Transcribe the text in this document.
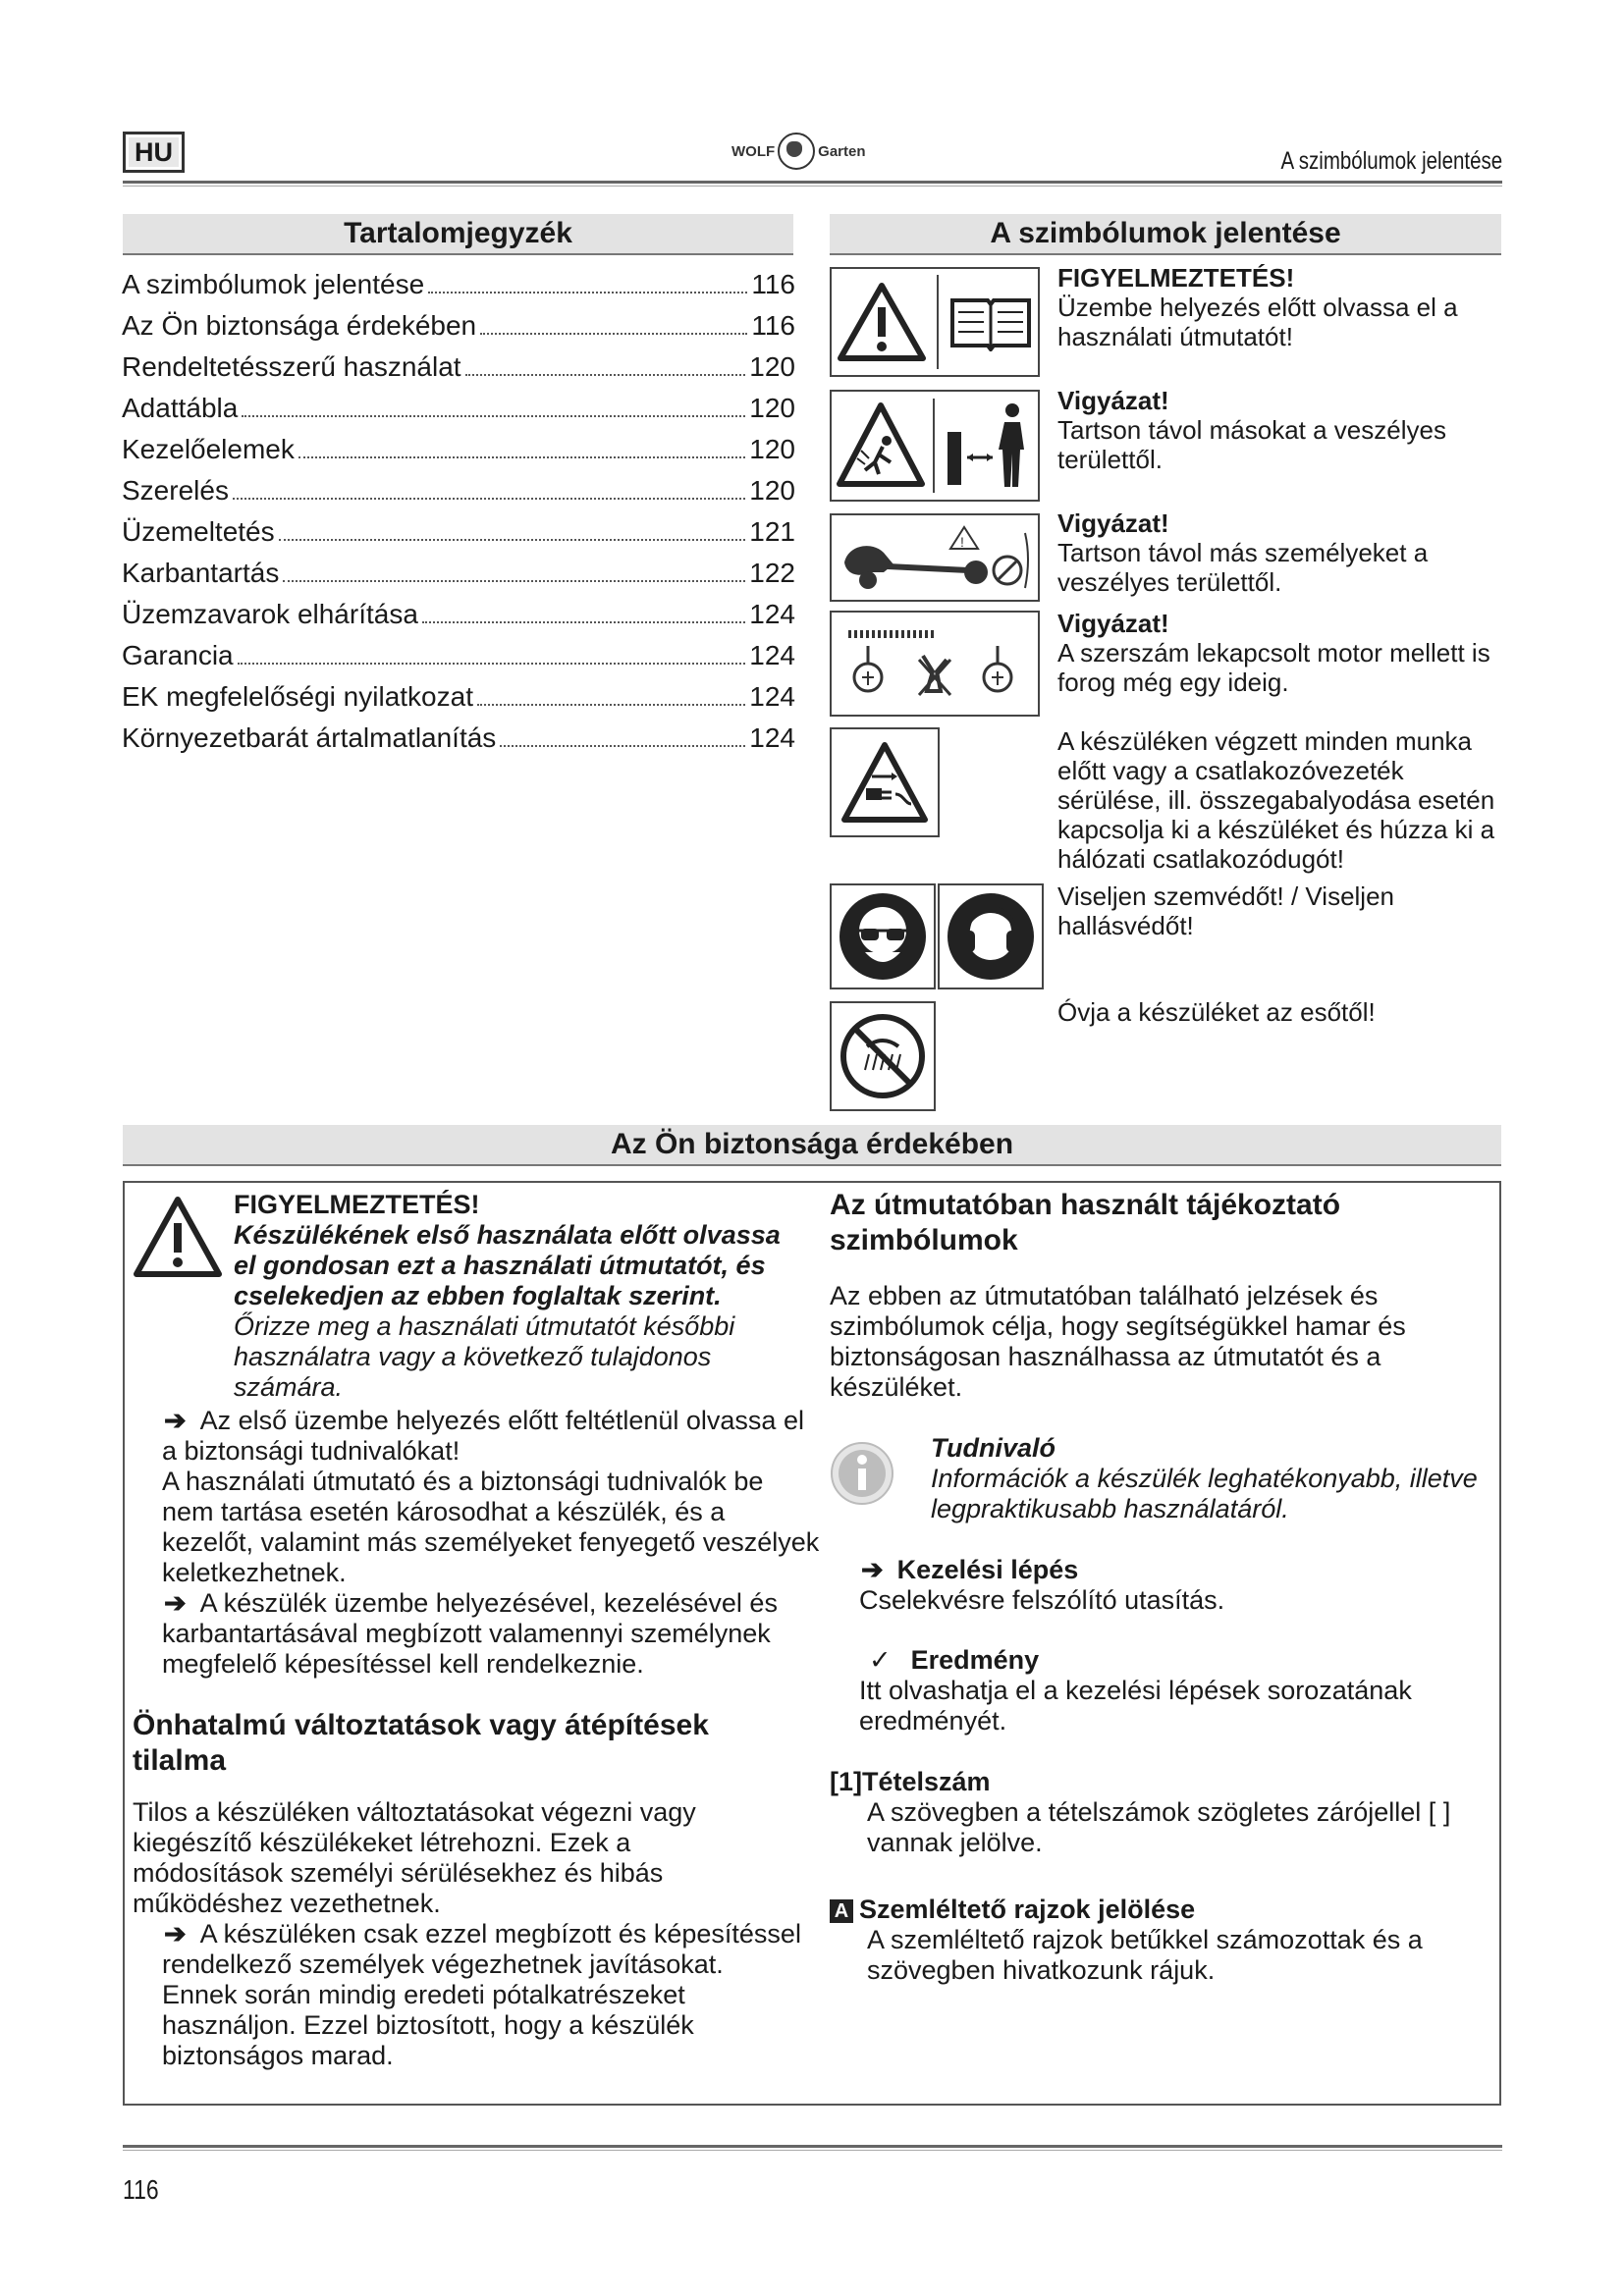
HU	WOLF	Garten	A szimbólumok jelentése
Tartalomjegyzék
A szimbólumok jelentése	116
Az Ön biztonsága érdekében	116
Rendeltetésszerű használat	120
Adattábla	120
Kezelőelemek	120
Szerelés	120
Üzemeltetés	121
Karbantartás	122
Üzemzavarok elhárítása	124
Garancia	124
EK megfelelőségi nyilatkozat	124
Környezetbarát ártalmatlanítás	124
A szimbólumok jelentése
FIGYELMEZTETÉS!
Üzembe helyezés előtt olvassa el a használati útmutatót!
Vigyázat!
Tartson távol másokat a veszélyes területtől.
!
Vigyázat!
Tartson távol más személyeket a veszélyes területtől.
Vigyázat!
A szerszám lekapcsolt motor mellett is forog még egy ideig.
A készüléken végzett minden munka előtt vagy a csatlakozóvezeték sérülése, ill. összegabalyodása esetén kapcsolja ki a készüléket és húzza ki a hálózati csatlakozódugót!
Viseljen szemvédőt! / Viseljen hallásvédőt!
Óvja a készüléket az esőtől!
Az Ön biztonsága érdekében
FIGYELMEZTETÉS!
Készülékének első használata előtt olvassa el gondosan ezt a használati útmutatót, és cselekedjen az ebben foglaltak szerint.
Őrizze meg a használati útmutatót későbbi használatra vagy a következő tulajdonos számára.
➔ Az első üzembe helyezés előtt feltétlenül olvassa el a biztonsági tudnivalókat!
A használati útmutató és a biztonsági tudnivalók be nem tartása esetén károsodhat a készülék, és a kezelőt, valamint más személyeket fenyegető veszélyek keletkezhetnek.
➔ A készülék üzembe helyezésével, kezelésével és karbantartásával megbízott valamennyi személynek megfelelő képesítéssel kell rendelkeznie.
Önhatalmú változtatások vagy átépítések tilalma
Tilos a készüléken változtatásokat végezni vagy kiegészítő készülékeket létrehozni. Ezek a módosítások személyi sérülésekhez és hibás működéshez vezethetnek.
➔ A készüléken csak ezzel megbízott és képesítéssel rendelkező személyek végezhetnek javításokat.
Ennek során mindig eredeti pótalkatrészeket használjon. Ezzel biztosított, hogy a készülék biztonságos marad.
Az útmutatóban használt tájékoztató szimbólumok
Az ebben az útmutatóban található jelzések és szimbólumok célja, hogy segítségükkel hamar és biztonságosan használhassa az útmutatót és a készüléket.
Tudnivaló
Információk a készülék leghatékonyabb, illetve legpraktikusabb használatáról.
➔ Kezelési lépés
Cselekvésre felszólító utasítás.
✓ Eredmény
Itt olvashatja el a kezelési lépések sorozatának eredményét.
[1]Tételszám
A szövegben a tételszámok szögletes zárójellel [ ] vannak jelölve.
A Szemléltető rajzok jelölése
A szemléltető rajzok betűkkel számozottak és a szövegben hivatkozunk rájuk.
116
